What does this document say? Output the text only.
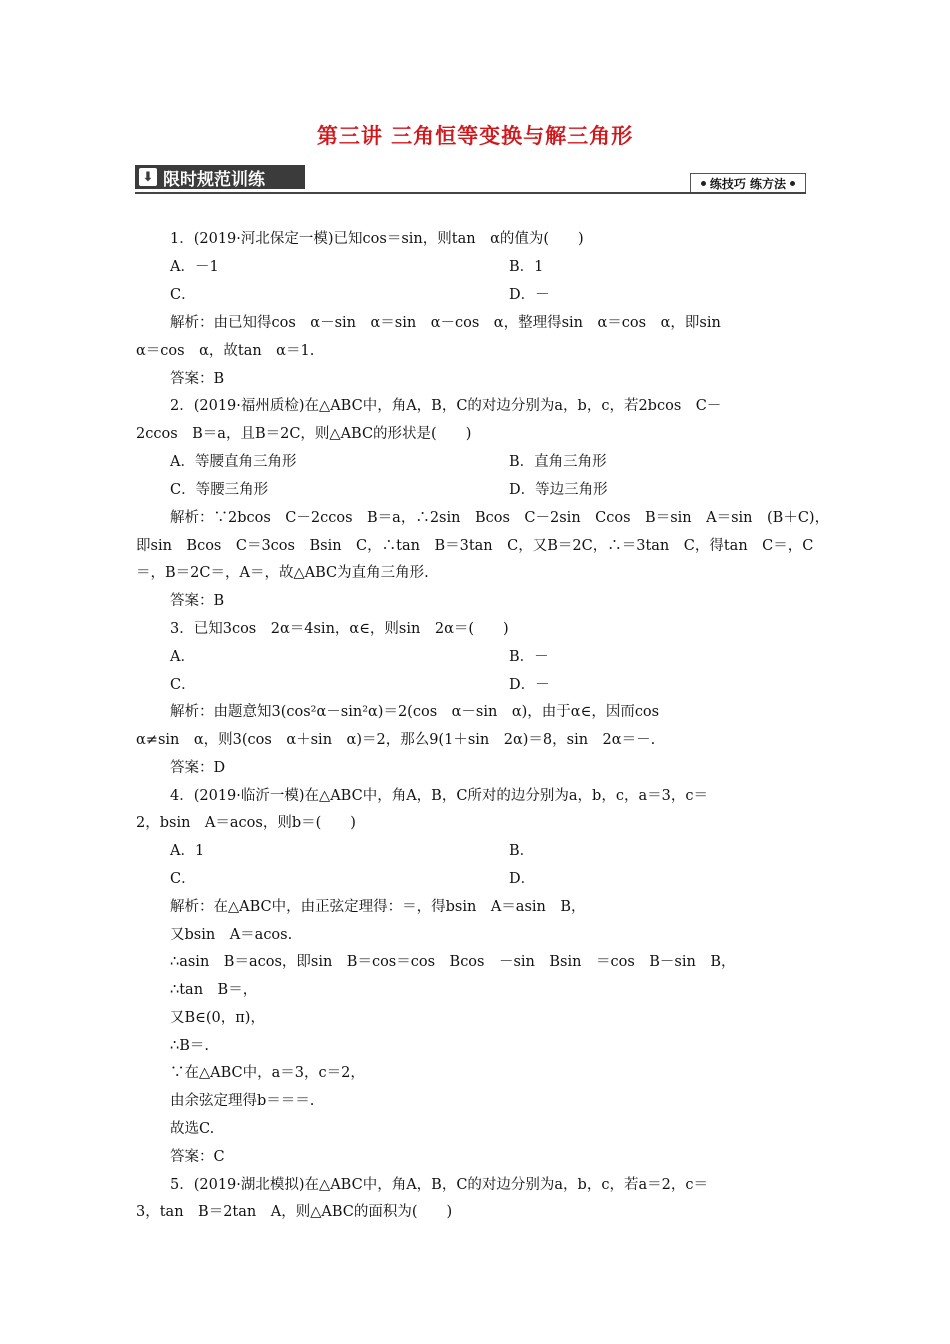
第三讲 三角恒等变换与解三角形
⬇ 限时规范训练	练技巧 练方法
1．(2019·河北保定一模)已知cos＝sin，则tan　α的值为(　　)
A．－1	B．1
C．	D．－
解析：由已知得cos　α－sin　α＝sin　α－cos　α，整理得sin　α＝cos　α，即sin
α＝cos　α，故tan　α＝1.
答案：B
2．(2019·福州质检)在△ABC中，角A，B，C的对边分别为a，b，c，若2bcos　C－
2ccos　B＝a，且B＝2C，则△ABC的形状是(　　)
A．等腰直角三角形	B．直角三角形
C．等腰三角形	D．等边三角形
解析：∵2bcos　C－2ccos　B＝a，∴2sin　Bcos　C－2sin　Ccos　B＝sin　A＝sin　(B＋C)，
即sin　Bcos　C＝3cos　Bsin　C，∴tan　B＝3tan　C，又B＝2C，∴＝3tan　C，得tan　C＝，C
＝，B＝2C＝，A＝，故△ABC为直角三角形.
答案：B
3．已知3cos　2α＝4sin，α∈，则sin　2α＝(　　)
A．	B．－
C．	D．－
解析：由题意知3(cos²α－sin²α)＝2(cos　α－sin　α)，由于α∈，因而cos
α≠sin　α，则3(cos　α＋sin　α)＝2，那么9(1＋sin　2α)＝8，sin　2α＝－.
答案：D
4．(2019·临沂一模)在△ABC中，角A，B，C所对的边分别为a，b，c，a＝3，c＝
2，bsin　A＝acos，则b＝(　　)
A．1	B．
C．	D．
解析：在△ABC中，由正弦定理得：＝，得bsin　A＝asin　B，
又bsin　A＝acos.
∴asin　B＝acos，即sin　B＝cos＝cos　Bcos　－sin　Bsin　＝cos　B－sin　B，
∴tan　B＝，
又B∈(0，π)，
∴B＝.
∵在△ABC中，a＝3，c＝2，
由余弦定理得b＝＝＝.
故选C.
答案：C
5．(2019·湖北模拟)在△ABC中，角A，B，C的对边分别为a，b，c，若a＝2，c＝
3，tan　B＝2tan　A，则△ABC的面积为(　　)
